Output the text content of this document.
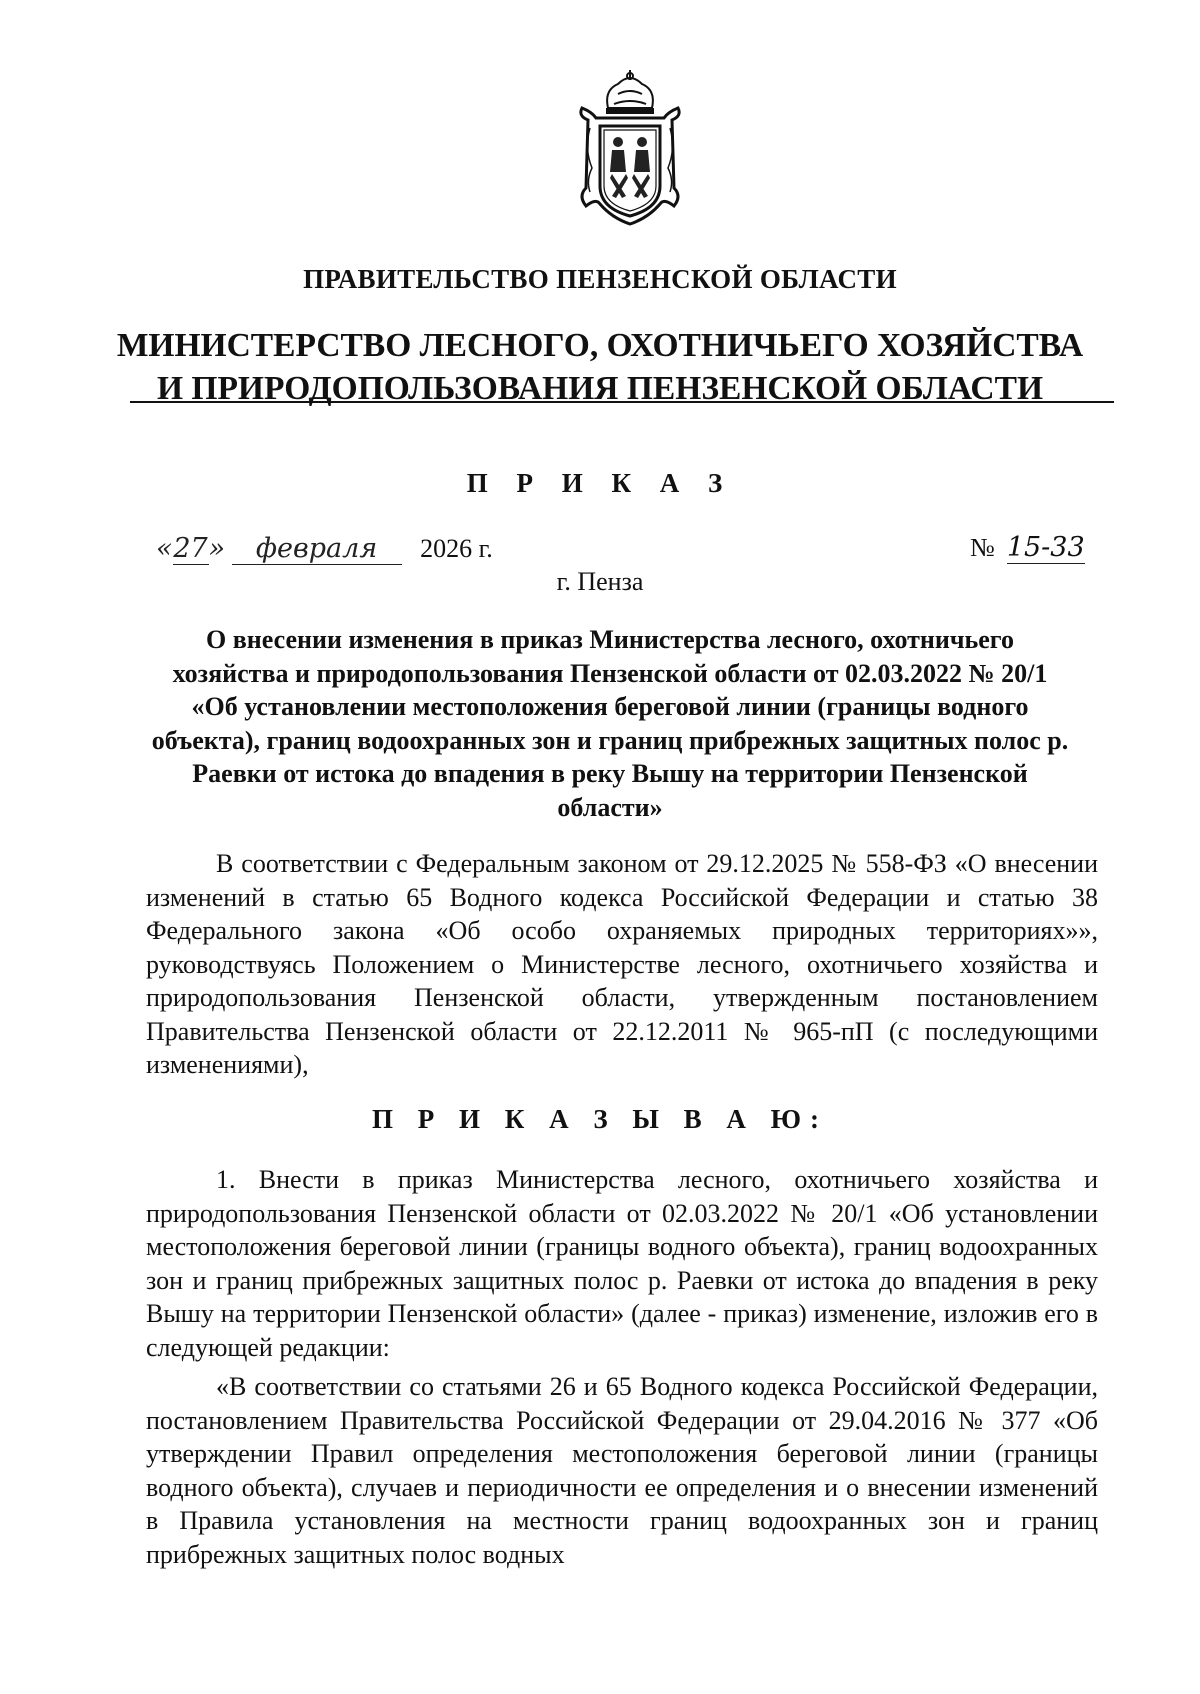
ПРАВИТЕЛЬСТВО ПЕНЗЕНСКОЙ ОБЛАСТИ
МИНИСТЕРСТВО ЛЕСНОГО, ОХОТНИЧЬЕГО ХОЗЯЙСТВА
И ПРИРОДОПОЛЬЗОВАНИЯ ПЕНЗЕНСКОЙ ОБЛАСТИ
П Р И К А З
«27» февраля 2026 г.	№ 15-33
г. Пенза
О внесении изменения в приказ Министерства лесного, охотничьего хозяйства и природопользования Пензенской области от 02.03.2022 № 20/1 «Об установлении местоположения береговой линии (границы водного объекта), границ водоохранных зон и границ прибрежных защитных полос р. Раевки от истока до впадения в реку Вышу на территории Пензенской области»
В соответствии с Федеральным законом от 29.12.2025 № 558-ФЗ «О внесении изменений в статью 65 Водного кодекса Российской Федерации и статью 38 Федерального закона «Об особо охраняемых природных территориях»», руководствуясь Положением о Министерстве лесного, охотничьего хозяйства и природопользования Пензенской области, утвержденным постановлением Правительства Пензенской области от 22.12.2011 № 965-пП (с последующими изменениями),
П Р И К А З Ы В А Ю:
1. Внести в приказ Министерства лесного, охотничьего хозяйства и природопользования Пензенской области от 02.03.2022 № 20/1 «Об установлении местоположения береговой линии (границы водного объекта), границ водоохранных зон и границ прибрежных защитных полос р. Раевки от истока до впадения в реку Вышу на территории Пензенской области» (далее - приказ) изменение, изложив его в следующей редакции:
«В соответствии со статьями 26 и 65 Водного кодекса Российской Федерации, постановлением Правительства Российской Федерации от 29.04.2016 № 377 «Об утверждении Правил определения местоположения береговой линии (границы водного объекта), случаев и периодичности ее определения и о внесении изменений в Правила установления на местности границ водоохранных зон и границ прибрежных защитных полос водных
